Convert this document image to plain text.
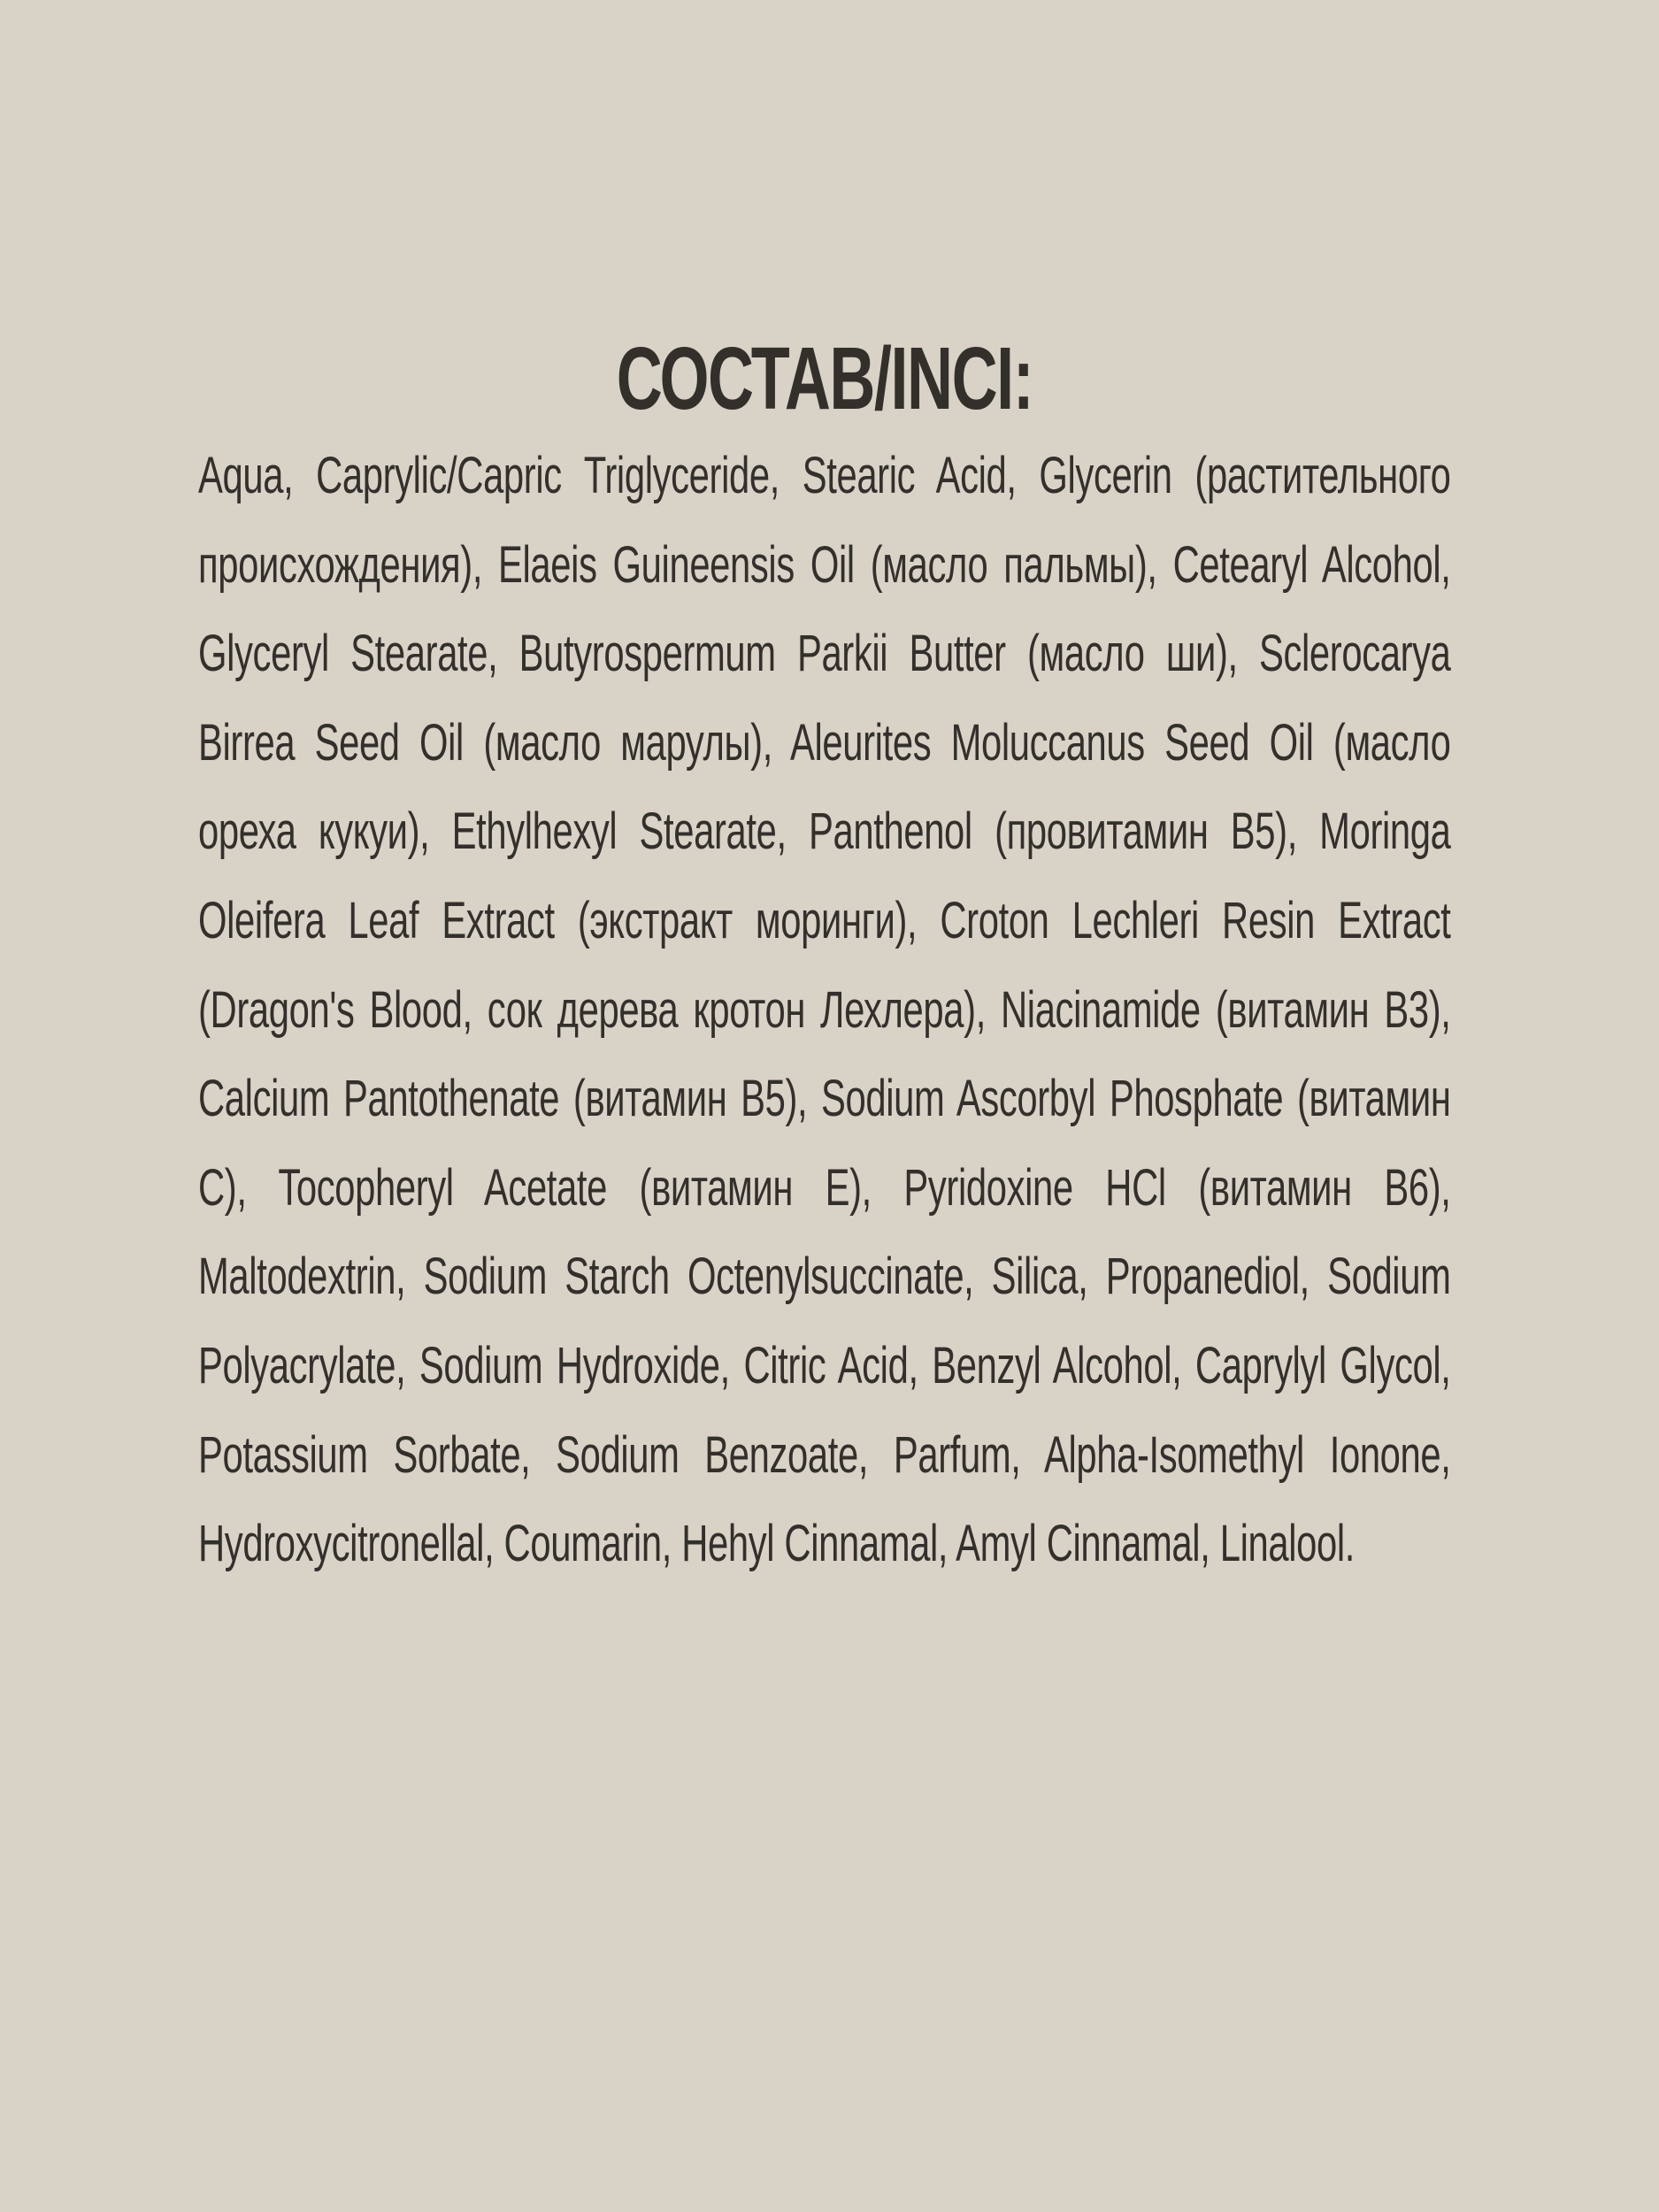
СОСТАВ/INCI:

Aqua, Caprylic/Capric Triglyceride, Stearic Acid, Glycerin (растительного происхождения), Elaeis Guineensis Oil (масло пальмы), Cetearyl Alcohol, Glyceryl Stearate, Butyrospermum Parkii Butter (масло ши), Sclerocarya Birrea Seed Oil (масло марулы), Aleurites Moluccanus Seed Oil (масло ореха кукуи), Ethylhexyl Stearate, Panthenol (провитамин B5), Moringa Oleifera Leaf Extract (экстракт моринги), Croton Lechleri Resin Extract (Dragon's Blood, сок дерева кротон Лехлера), Niacinamide (витамин B3), Calcium Pantothenate (витамин B5), Sodium Ascorbyl Phosphate (витамин C), Tocopheryl Acetate (витамин E), Pyridoxine HCl (витамин B6), Maltodextrin, Sodium Starch Octenylsuccinate, Silica, Propanediol, Sodium Polyacrylate, Sodium Hydroxide, Citric Acid, Benzyl Alcohol, Caprylyl Glycol, Potassium Sorbate, Sodium Benzoate, Parfum, Alpha-Isomethyl Ionone, Hydroxycitronellal, Coumarin, Hehyl Cinnamal, Amyl Cinnamal, Linalool.
